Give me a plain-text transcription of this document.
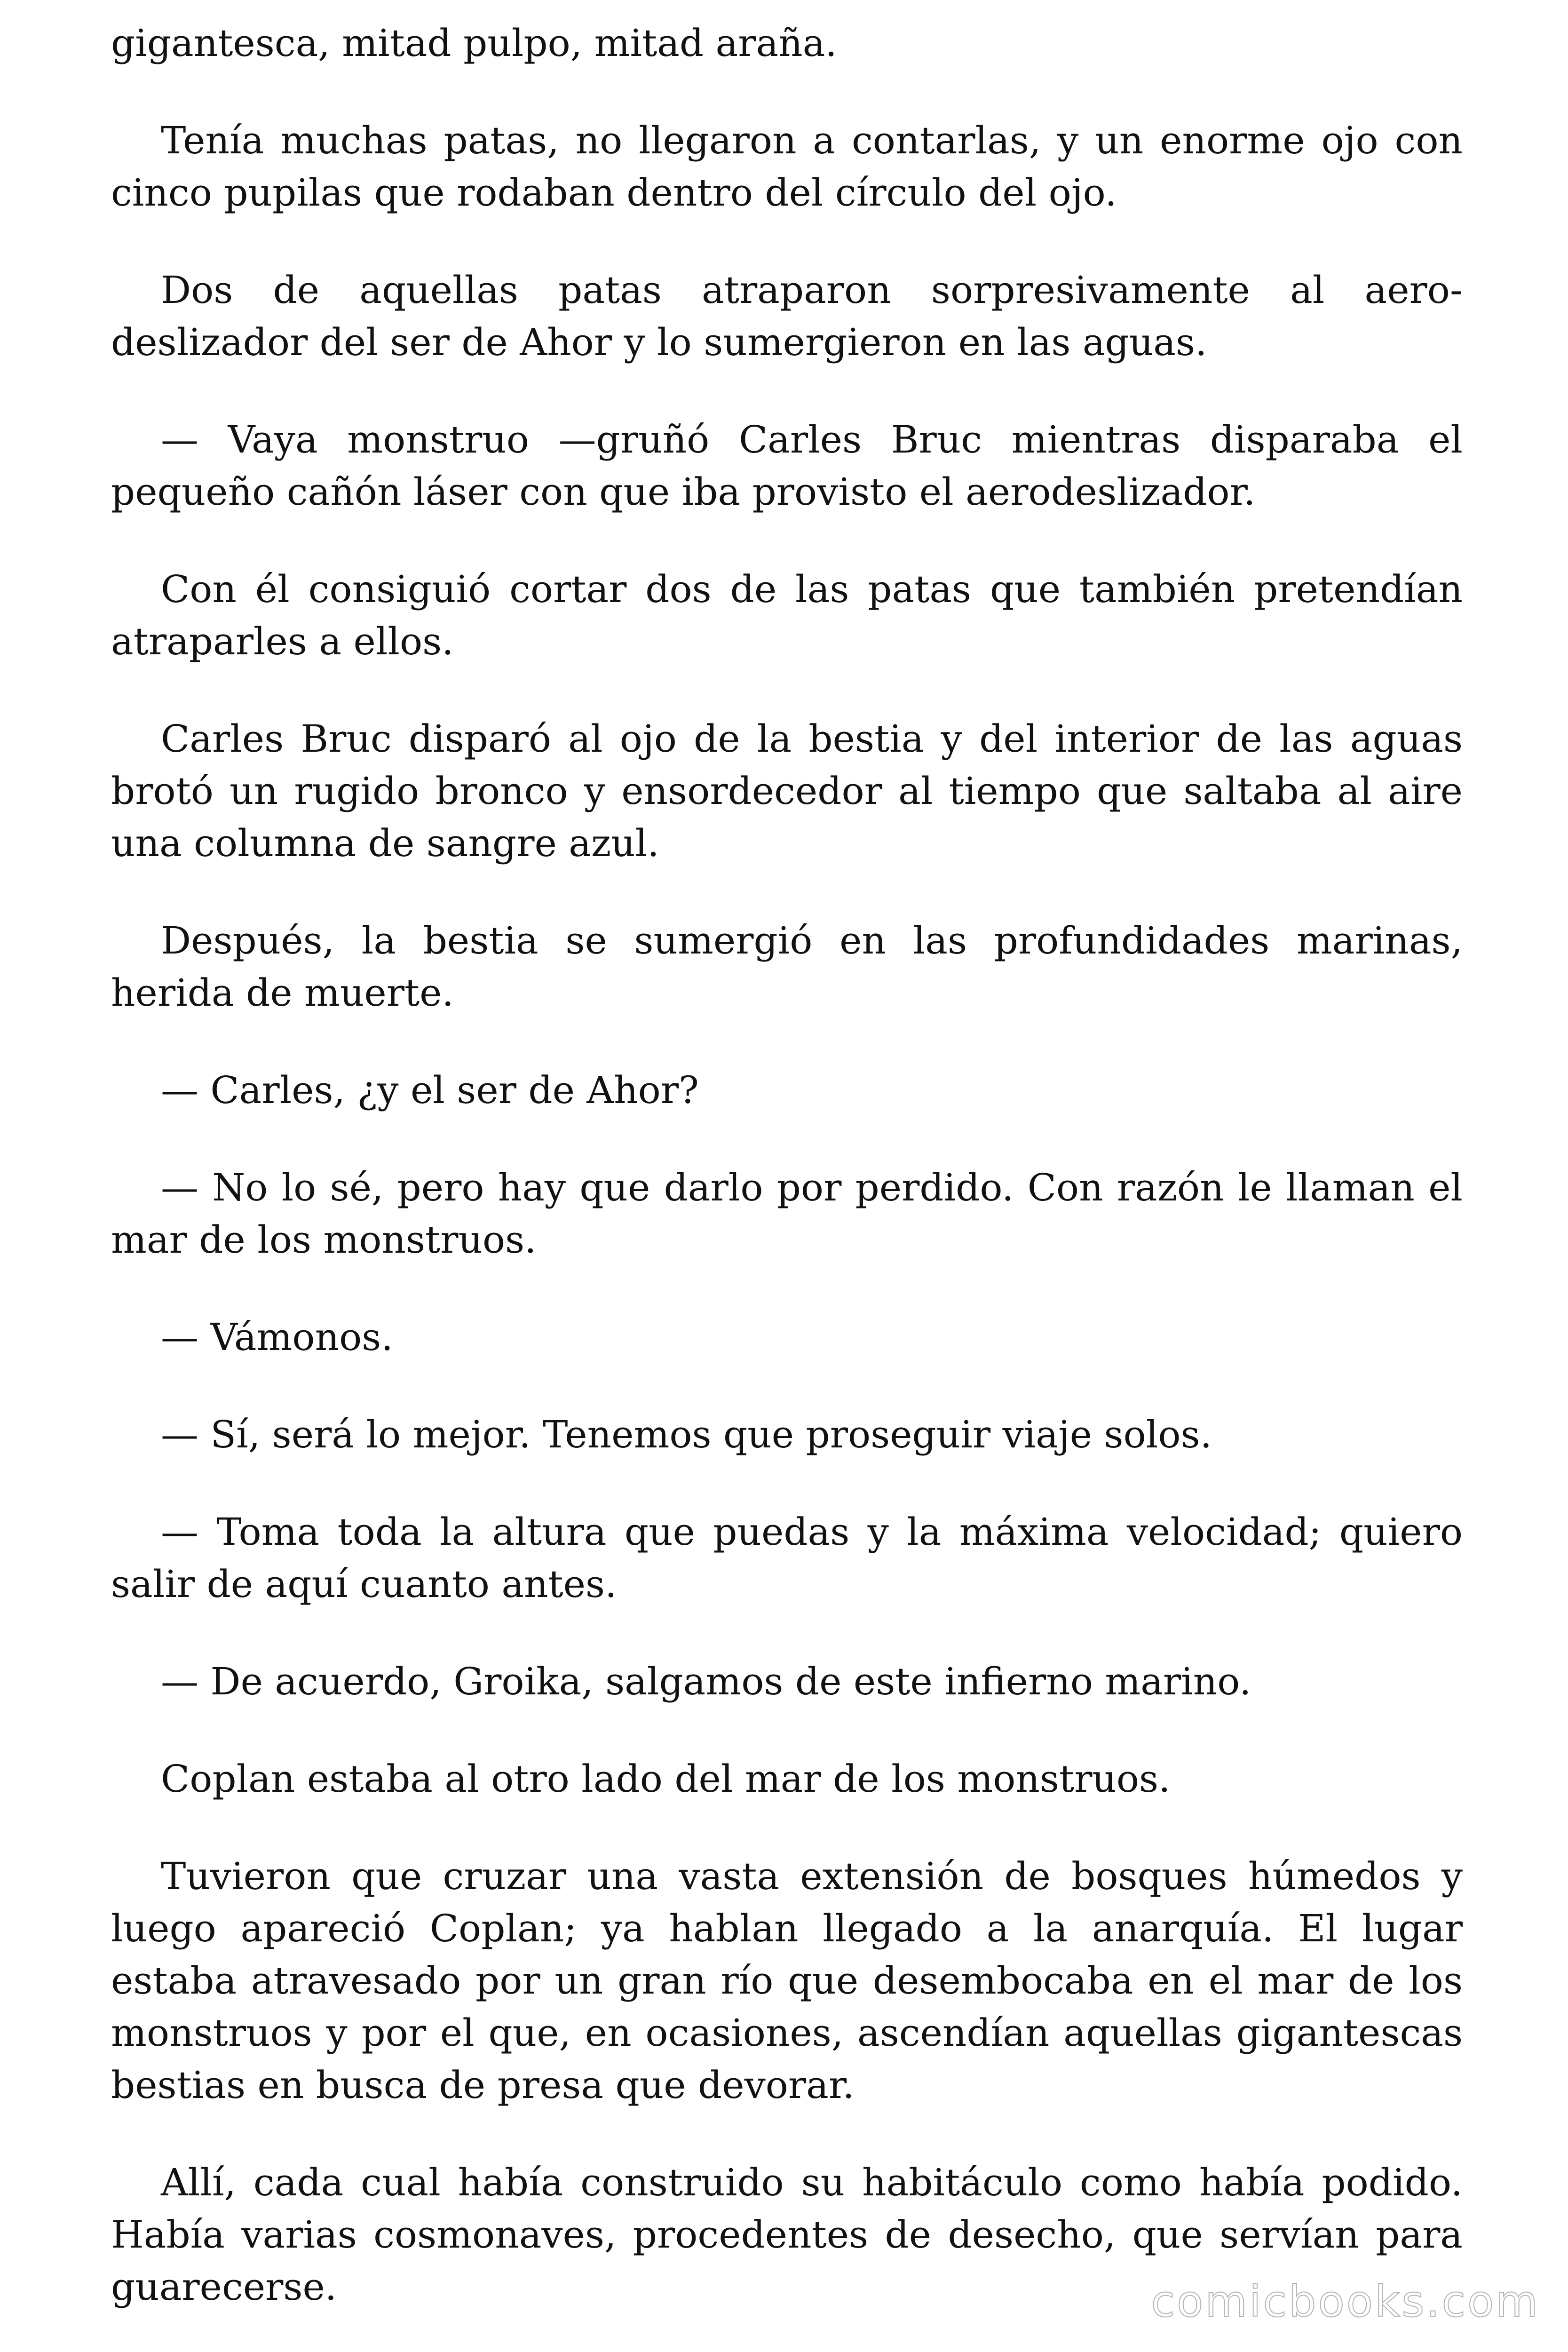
gigantesca, mitad pulpo, mitad araña.

Tenía muchas patas, no llegaron a contarlas, y un enorme ojo con cinco pupilas que rodaban dentro del círculo del ojo.

Dos de aquellas patas atraparon sorpresivamente al aero-deslizador del ser de Ahor y lo sumergieron en las aguas.

— Vaya monstruo —gruñó Carles Bruc mientras disparaba el pequeño cañón láser con que iba provisto el aerodeslizador.

Con él consiguió cortar dos de las patas que también pretendían atraparles a ellos.

Carles Bruc disparó al ojo de la bestia y del interior de las aguas brotó un rugido bronco y ensordecedor al tiempo que saltaba al aire una columna de sangre azul.

Después, la bestia se sumergió en las profundidades marinas, herida de muerte.

— Carles, ¿y el ser de Ahor?

— No lo sé, pero hay que darlo por perdido. Con razón le llaman el mar de los monstruos.

— Vámonos.

— Sí, será lo mejor. Tenemos que proseguir viaje solos.

— Toma toda la altura que puedas y la máxima velocidad; quiero salir de aquí cuanto antes.

— De acuerdo, Groika, salgamos de este infierno marino.

Coplan estaba al otro lado del mar de los monstruos.

Tuvieron que cruzar una vasta extensión de bosques húmedos y luego apareció Coplan; ya hablan llegado a la anarquía. El lugar estaba atravesado por un gran río que desembocaba en el mar de los monstruos y por el que, en ocasiones, ascendían aquellas gigantescas bestias en busca de presa que devorar.

Allí, cada cual había construido su habitáculo como había podido. Había varias cosmonaves, procedentes de desecho, que servían para guarecerse.	comicbooks.com
